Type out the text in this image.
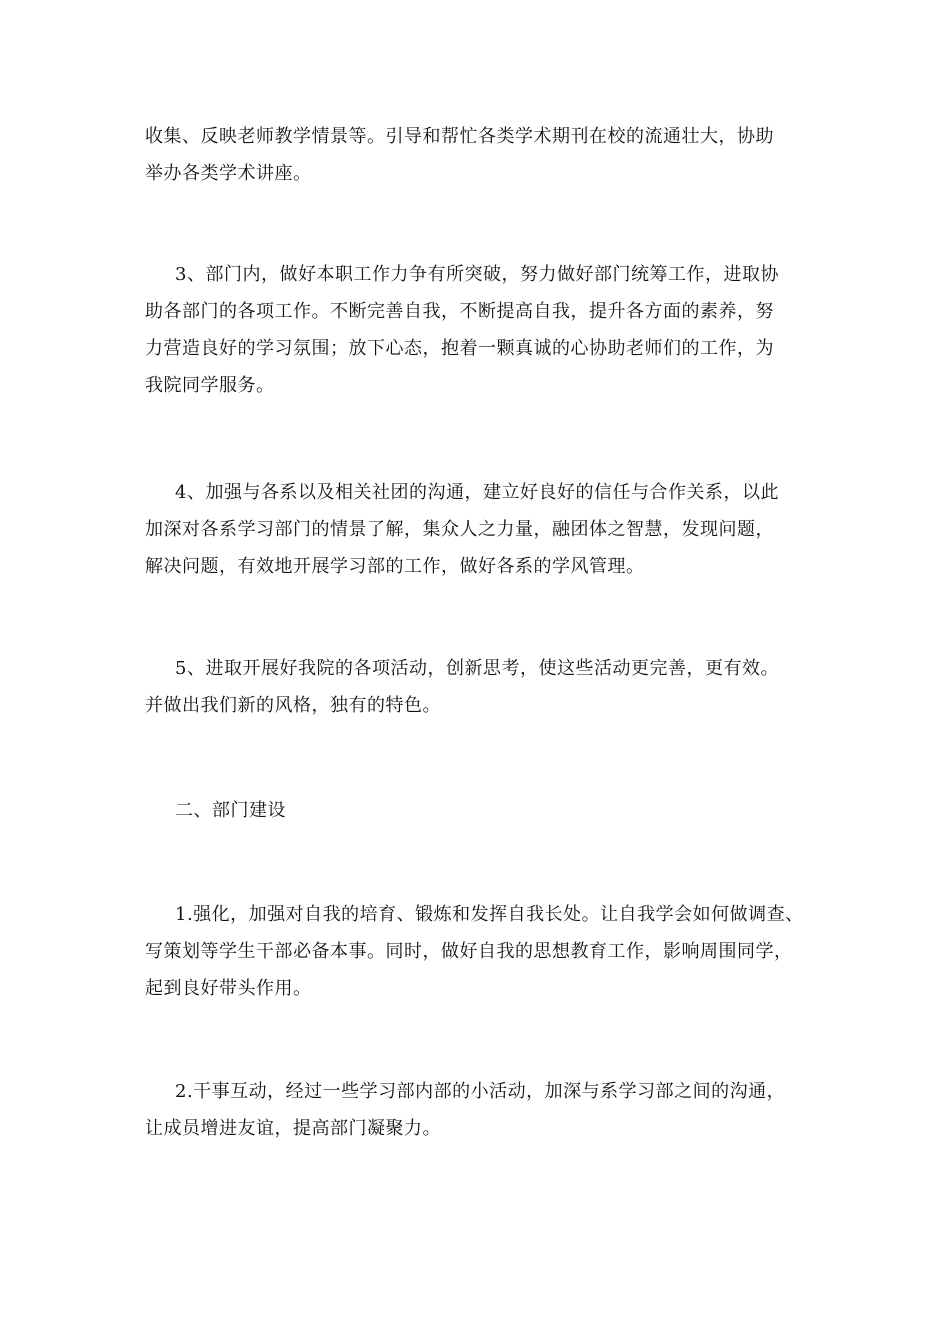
收集、反映老师教学情景等。引导和帮忙各类学术期刊在校的流通壮大，协助
举办各类学术讲座。
3、部门内，做好本职工作力争有所突破，努力做好部门统筹工作，进取协
助各部门的各项工作。不断完善自我，不断提高自我，提升各方面的素养，努
力营造良好的学习氛围；放下心态，抱着一颗真诚的心协助老师们的工作，为
我院同学服务。
4、加强与各系以及相关社团的沟通，建立好良好的信任与合作关系，以此
加深对各系学习部门的情景了解，集众人之力量，融团体之智慧，发现问题，
解决问题，有效地开展学习部的工作，做好各系的学风管理。
5、进取开展好我院的各项活动，创新思考，使这些活动更完善，更有效。
并做出我们新的风格，独有的特色。
二、部门建设
1.强化，加强对自我的培育、锻炼和发挥自我长处。让自我学会如何做调查、
写策划等学生干部必备本事。同时，做好自我的思想教育工作，影响周围同学，
起到良好带头作用。
2.干事互动，经过一些学习部内部的小活动，加深与系学习部之间的沟通，
让成员增进友谊，提高部门凝聚力。
